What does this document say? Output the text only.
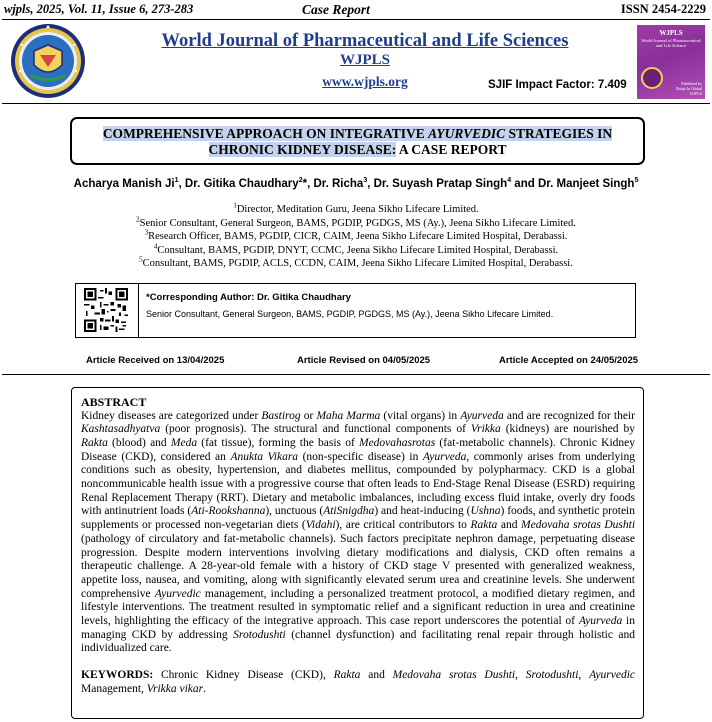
wjpls, 2025, Vol. 11, Issue 6, 273-283	Case Report	ISSN 2454-2229
World Journal of Pharmaceutical and Life Sciences
WJPLS
www.wjpls.org	SJIF Impact Factor: 7.409
WJPLS
World Journal of Pharmaceutical and Life Science
Published by
Balaji In Global
WJPLS
COMPREHENSIVE APPROACH ON INTEGRATIVE AYURVEDIC STRATEGIES IN
CHRONIC KIDNEY DISEASE: A CASE REPORT
Acharya Manish Ji$^1$, Dr. Gitika Chaudhary$^2$*, Dr. Richa$^3$, Dr. Suyash Pratap Singh$^4$ and Dr. Manjeet Singh$^5$
$^1$Director, Meditation Guru, Jeena Sikho Lifecare Limited.
$^2$Senior Consultant, General Surgeon, BAMS, PGDIP, PGDGS, MS (Ay.), Jeena Sikho Lifecare Limited.
$^3$Research Officer, BAMS, PGDIP, CICR, CAIM, Jeena Sikho Lifecare Limited Hospital, Derabassi.
$^4$Consultant, BAMS, PGDIP, DNYT, CCMC, Jeena Sikho Lifecare Limited Hospital, Derabassi.
$^5$Consultant, BAMS, PGDIP, ACLS, CCDN, CAIM, Jeena Sikho Lifecare Limited Hospital, Derabassi.
*Corresponding Author: Dr. Gitika Chaudhary
Senior Consultant, General Surgeon, BAMS, PGDIP, PGDGS, MS (Ay.), Jeena Sikho Lifecare Limited.
Article Received on 13/04/2025	Article Revised on 04/05/2025	Article Accepted on 24/05/2025
ABSTRACT
Kidney diseases are categorized under Bastirog or Maha Marma (vital organs) in Ayurveda and are recognized for their Kashtasadhyatva (poor prognosis). The structural and functional components of Vrikka (kidneys) are nourished by Rakta (blood) and Meda (fat tissue), forming the basis of Medovahasrotas (fat-metabolic channels). Chronic Kidney Disease (CKD), considered an Anukta Vikara (non-specific disease) in Ayurveda, commonly arises from underlying conditions such as obesity, hypertension, and diabetes mellitus, compounded by polypharmacy. CKD is a global noncommunicable health issue with a progressive course that often leads to End-Stage Renal Disease (ESRD) requiring Renal Replacement Therapy (RRT). Dietary and metabolic imbalances, including excess fluid intake, overly dry foods with antinutrient loads (Ati-Rookshanna), unctuous (AtiSnigdha) and heat-inducing (Ushna) foods, and synthetic protein supplements or processed non-vegetarian diets (Vidahi), are critical contributors to Rakta and Medovaha srotas Dushti (pathology of circulatory and fat-metabolic channels). Such factors precipitate nephron damage, perpetuating disease progression. Despite modern interventions involving dietary modifications and dialysis, CKD often remains a therapeutic challenge. A 28-year-old female with a history of CKD stage V presented with generalized weakness, appetite loss, nausea, and vomiting, along with significantly elevated serum urea and creatinine levels. She underwent comprehensive Ayurvedic management, including a personalized treatment protocol, a modified dietary regimen, and lifestyle interventions. The treatment resulted in symptomatic relief and a significant reduction in urea and creatinine levels, highlighting the efficacy of the integrative approach. This case report underscores the potential of Ayurveda in managing CKD by addressing Srotodushti (channel dysfunction) and facilitating renal repair through holistic and individualized care.
KEYWORDS: Chronic Kidney Disease (CKD), Rakta and Medovaha srotas Dushti, Srotodushti, Ayurvedic Management, Vrikka vikar.
